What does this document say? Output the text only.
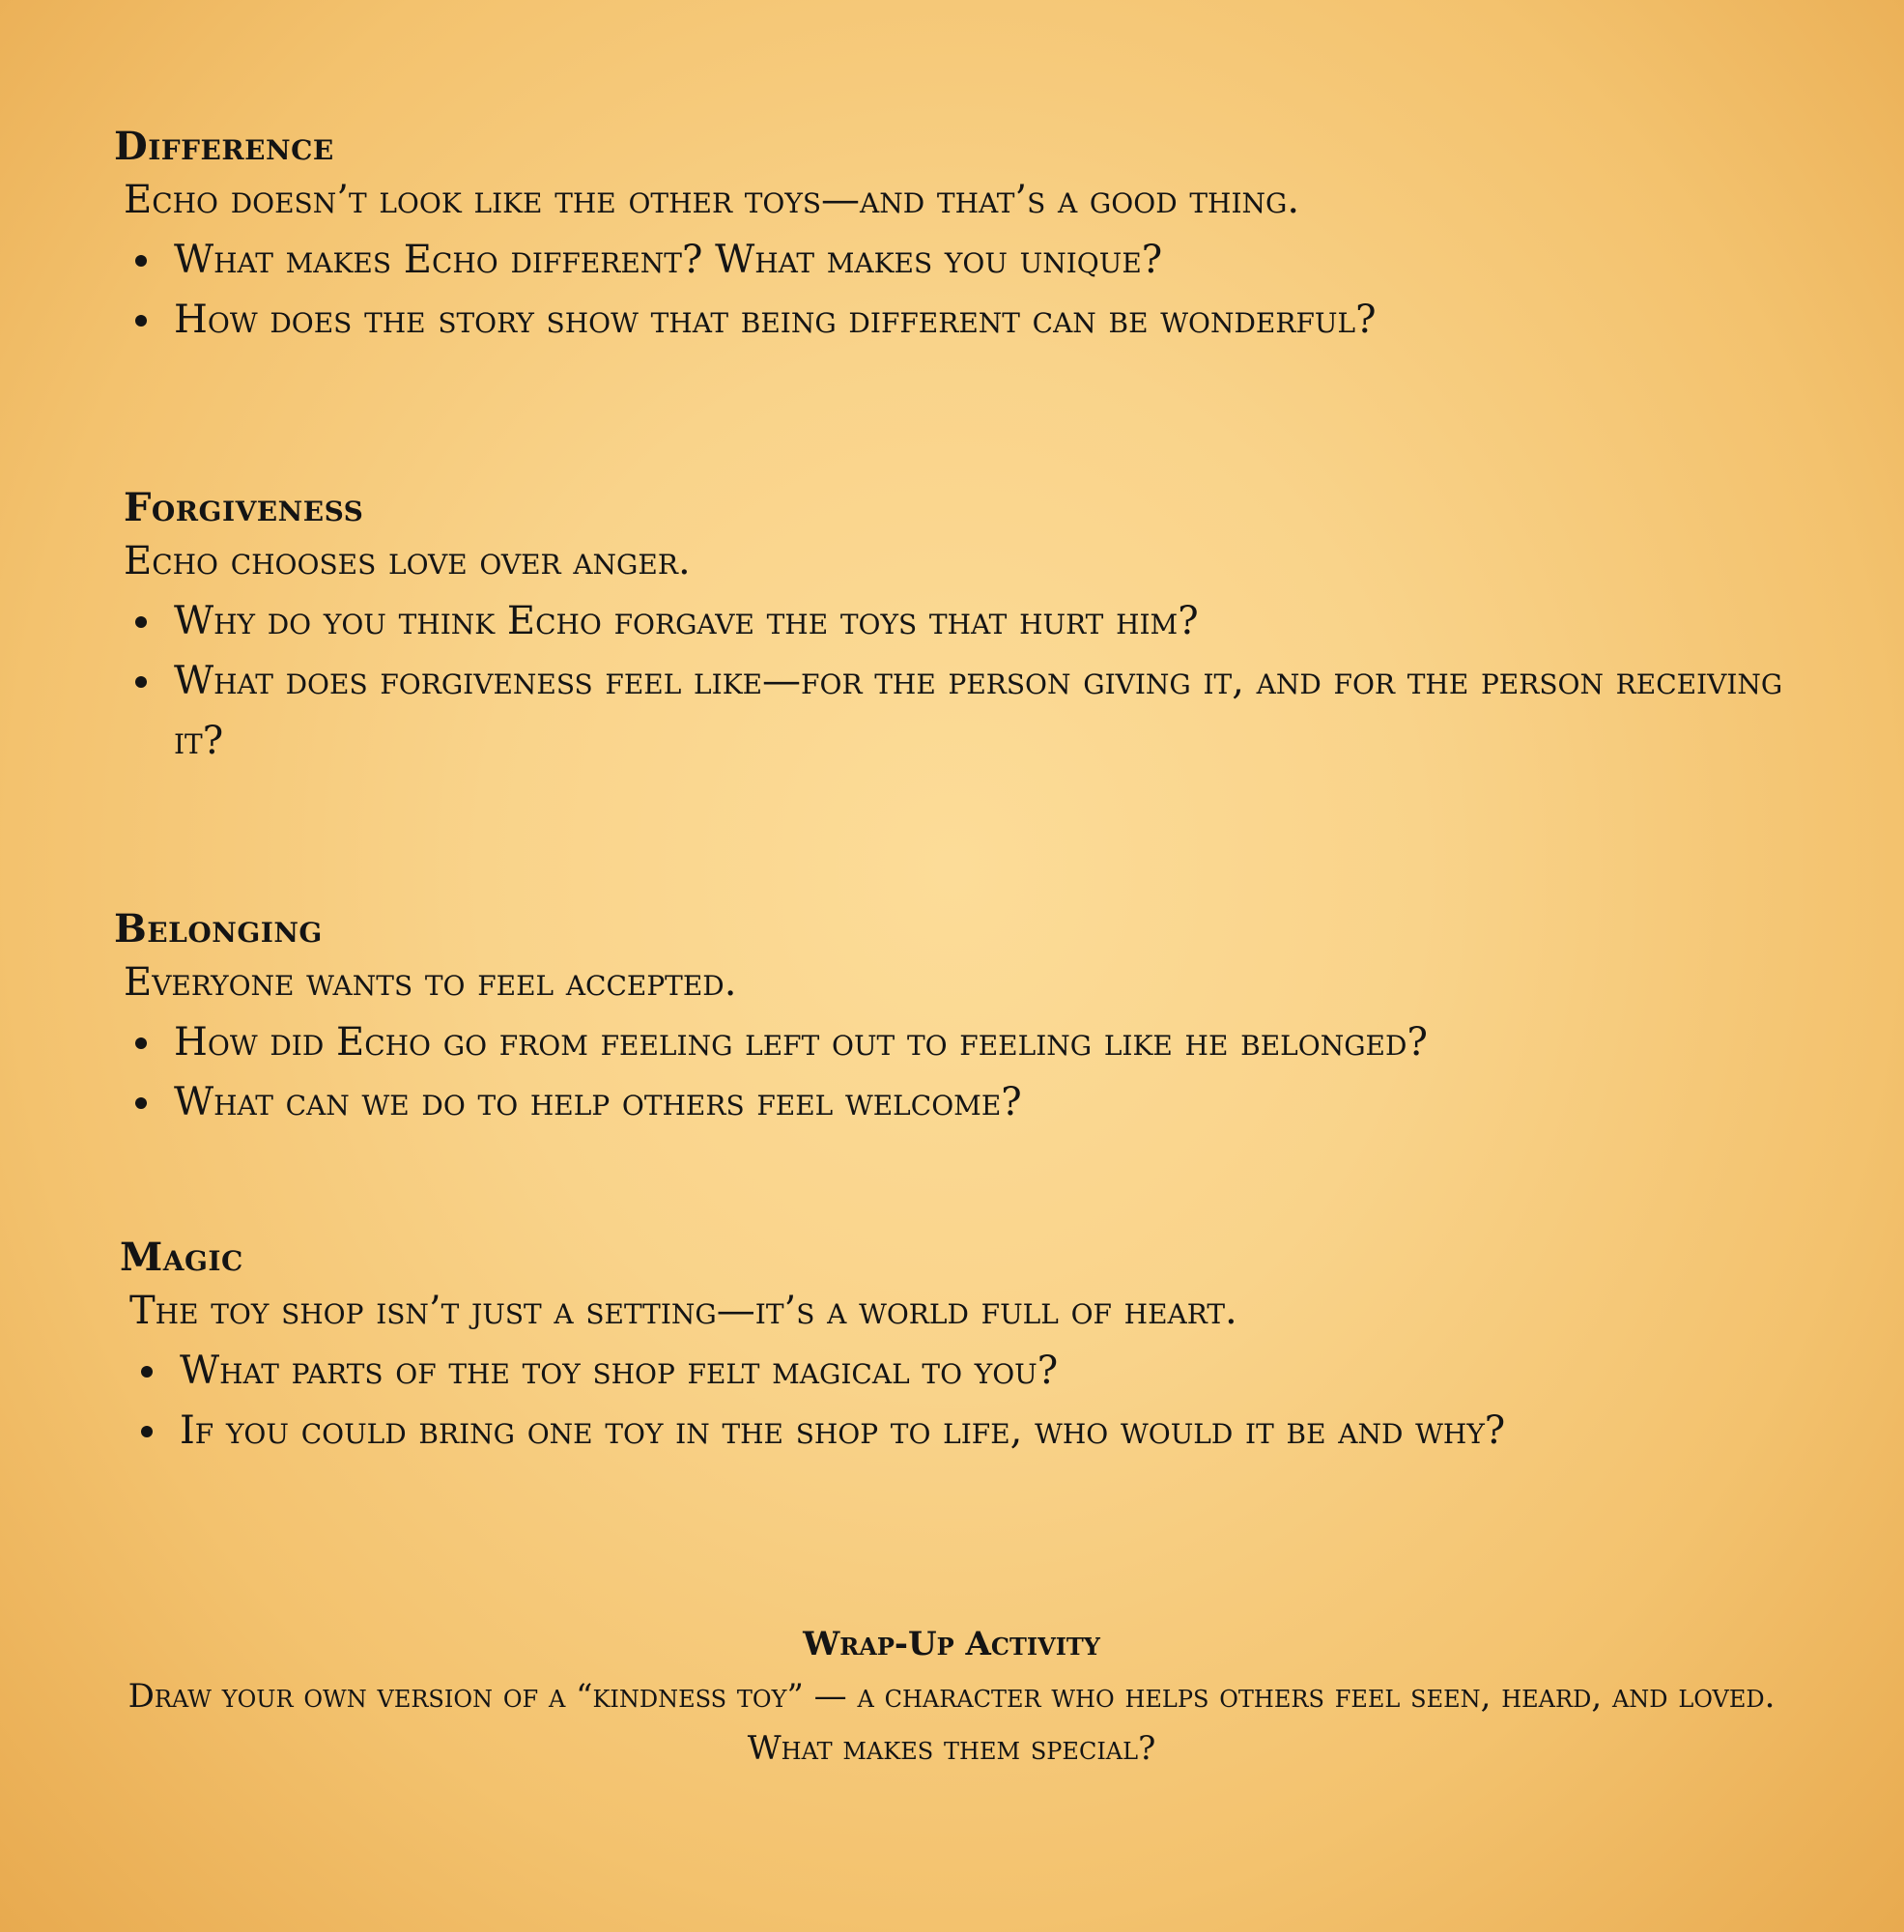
Difference

Echo doesn’t look like the other toys—and that’s a good thing.

What makes Echo different? What makes you unique?
How does the story show that being different can be wonderful?
Forgiveness

Echo chooses love over anger.

Why do you think Echo forgave the toys that hurt him?
What does forgiveness feel like—for the person giving it, and for the person receiving it?
Belonging

Everyone wants to feel accepted.

How did Echo go from feeling left out to feeling like he belonged?
What can we do to help others feel welcome?
Magic

The toy shop isn’t just a setting—it’s a world full of heart.

What parts of the toy shop felt magical to you?
If you could bring one toy in the shop to life, who would it be and why?
Wrap-Up Activity

Draw your own version of a “kindness toy” — a character who helps others feel seen, heard, and loved. What makes them special?
